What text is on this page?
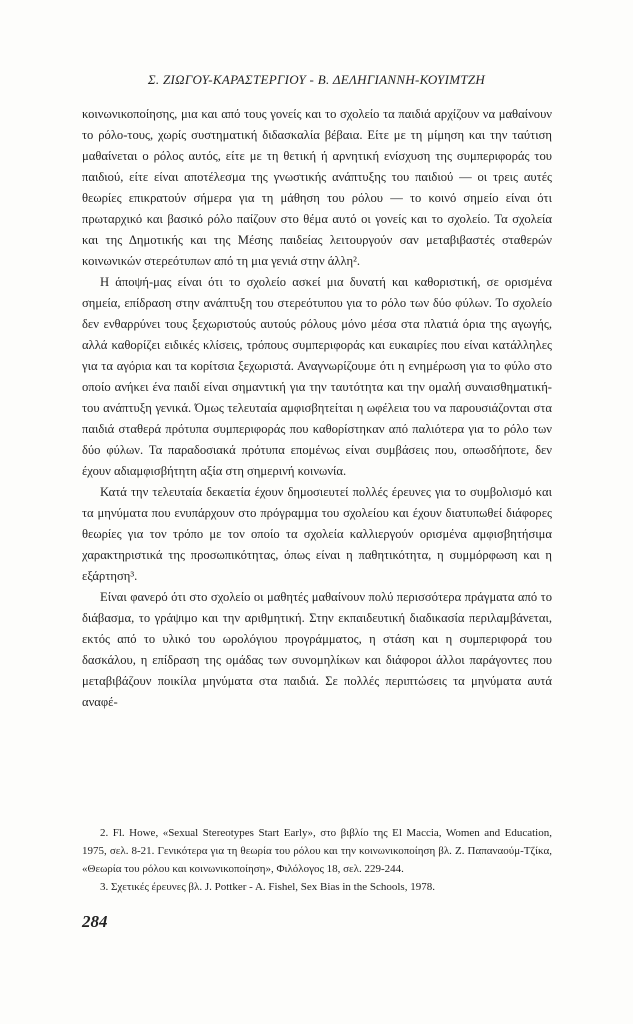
Σ. ΖΙΩΓΟΥ-ΚΑΡΑΣΤΕΡΓΙΟΥ - Β. ΔΕΛΗΓΙΑΝΝΗ-ΚΟΥΙΜΤΖΗ

κοινωνικοποίησης, μια και από τους γονείς και το σχολείο τα παιδιά αρχίζουν να μαθαίνουν το ρόλο-τους, χωρίς συστηματική διδασκαλία βέβαια. Είτε με τη μίμηση και την ταύτιση μαθαίνεται ο ρόλος αυτός, είτε με τη θετική ή αρνητική ενίσχυση της συμπεριφοράς του παιδιού, είτε είναι αποτέλεσμα της γνωστικής ανάπτυξης του παιδιού — οι τρεις αυτές θεωρίες επικρατούν σήμερα για τη μάθηση του ρόλου — το κοινό σημείο είναι ότι πρωταρχικό και βασικό ρόλο παίζουν στο θέμα αυτό οι γονείς και το σχολείο. Τα σχολεία και της Δημοτικής και της Μέσης παιδείας λειτουργούν σαν μεταβιβαστές σταθερών κοινωνικών στερεότυπων από τη μια γενιά στην άλλη².

Η άποψή-μας είναι ότι το σχολείο ασκεί μια δυνατή και καθοριστική, σε ορισμένα σημεία, επίδραση στην ανάπτυξη του στερεότυπου για το ρόλο των δύο φύλων. Το σχολείο δεν ενθαρρύνει τους ξεχωριστούς αυτούς ρόλους μόνο μέσα στα πλατιά όρια της αγωγής, αλλά καθορίζει ειδικές κλίσεις, τρόπους συμπεριφοράς και ευκαιρίες που είναι κατάλληλες για τα αγόρια και τα κορίτσια ξεχωριστά. Αναγνωρίζουμε ότι η ενημέρωση για το φύλο στο οποίο ανήκει ένα παιδί είναι σημαντική για την ταυτότητα και την ομαλή συναισθηματική-του ανάπτυξη γενικά. Όμως τελευταία αμφισβητείται η ωφέλεια του να παρουσιάζονται στα παιδιά σταθερά πρότυπα συμπεριφοράς που καθορίστηκαν από παλιότερα για το ρόλο των δύο φύλων. Τα παραδοσιακά πρότυπα επομένως είναι συμβάσεις που, οπωσδήποτε, δεν έχουν αδιαμφισβήτητη αξία στη σημερινή κοινωνία.

Κατά την τελευταία δεκαετία έχουν δημοσιευτεί πολλές έρευνες για το συμβολισμό και τα μηνύματα που ενυπάρχουν στο πρόγραμμα του σχολείου και έχουν διατυπωθεί διάφορες θεωρίες για τον τρόπο με τον οποίο τα σχολεία καλλιεργούν ορισμένα αμφισβητήσιμα χαρακτηριστικά της προσωπικότητας, όπως είναι η παθητικότητα, η συμμόρφωση και η εξάρτηση³.

Είναι φανερό ότι στο σχολείο οι μαθητές μαθαίνουν πολύ περισσότερα πράγματα από το διάβασμα, το γράψιμο και την αριθμητική. Στην εκπαιδευτική διαδικασία περιλαμβάνεται, εκτός από το υλικό του ωρολόγιου προγράμματος, η στάση και η συμπεριφορά του δασκάλου, η επίδραση της ομάδας των συνομηλίκων και διάφοροι άλλοι παράγοντες που μεταβιβάζουν ποικίλα μηνύματα στα παιδιά. Σε πολλές περιπτώσεις τα μηνύματα αυτά αναφέ-

2. Fl. Howe, «Sexual Stereotypes Start Early», στο βιβλίο της El Maccia, Women and Education, 1975, σελ. 8-21. Γενικότερα για τη θεωρία του ρόλου και την κοινωνικοποίηση βλ. Ζ. Παπαναούμ-Τζίκα, «Θεωρία του ρόλου και κοινωνικοποίηση», Φιλόλογος 18, σελ. 229-244.

3. Σχετικές έρευνες βλ. J. Pottker - A. Fishel, Sex Bias in the Schools, 1978.

284
